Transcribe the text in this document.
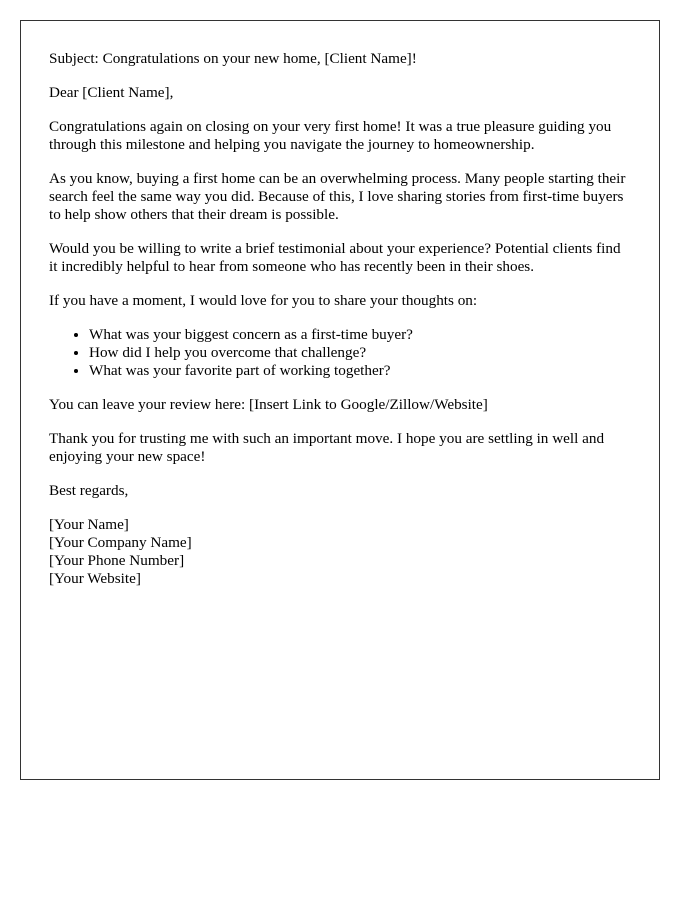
Subject: Congratulations on your new home, [Client Name]!

Dear [Client Name],

Congratulations again on closing on your very first home! It was a true pleasure guiding you through this milestone and helping you navigate the journey to homeownership.

As you know, buying a first home can be an overwhelming process. Many people starting their search feel the same way you did. Because of this, I love sharing stories from first-time buyers to help show others that their dream is possible.

Would you be willing to write a brief testimonial about your experience? Potential clients find it incredibly helpful to hear from someone who has recently been in their shoes.

If you have a moment, I would love for you to share your thoughts on:

• What was your biggest concern as a first-time buyer?
• How did I help you overcome that challenge?
• What was your favorite part of working together?

You can leave your review here: [Insert Link to Google/Zillow/Website]

Thank you for trusting me with such an important move. I hope you are settling in well and enjoying your new space!

Best regards,

[Your Name]
[Your Company Name]
[Your Phone Number]
[Your Website]
